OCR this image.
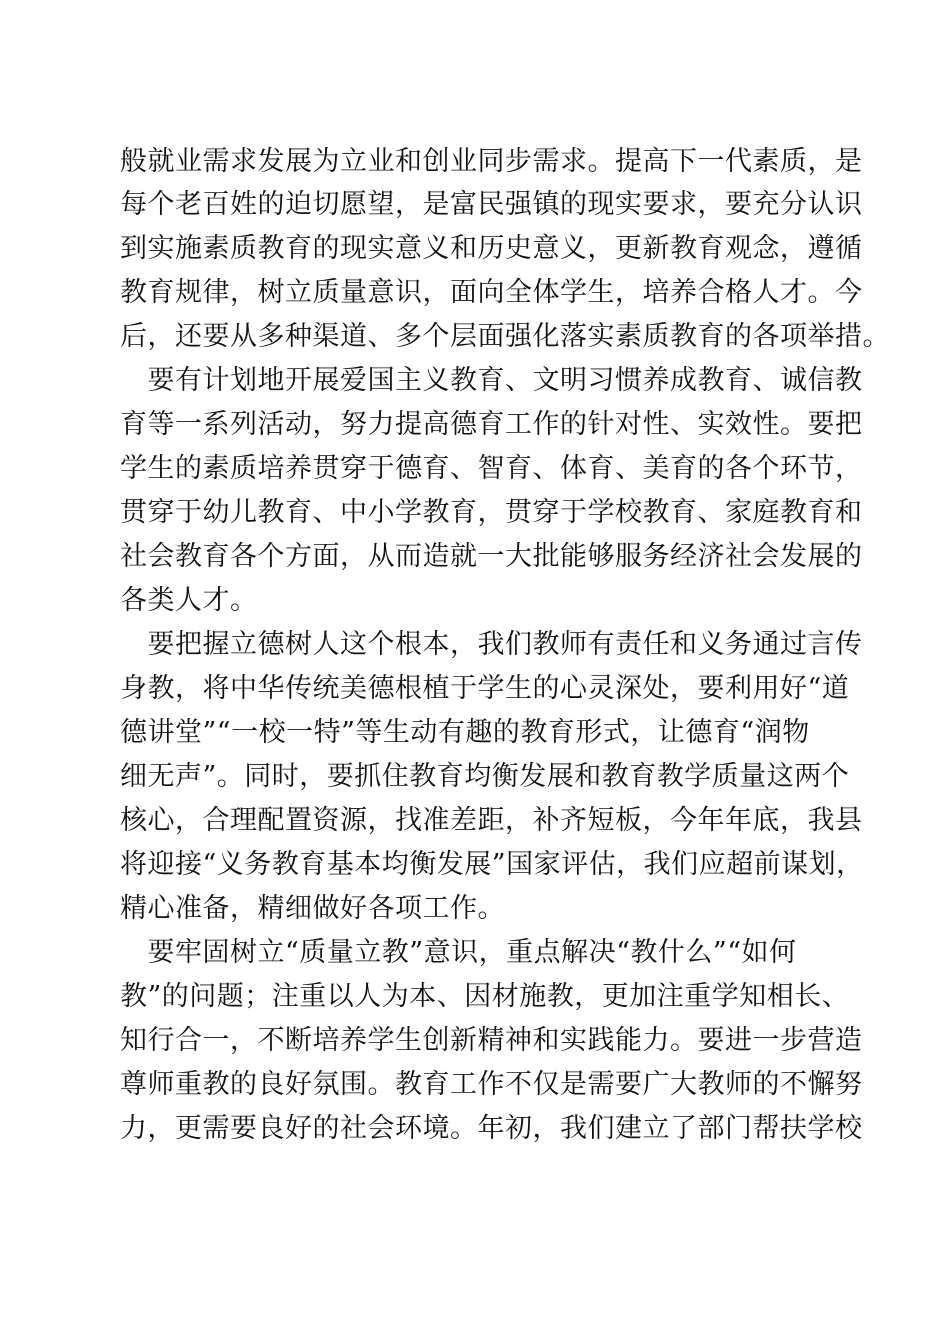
般就业需求发展为立业和创业同步需求。提高下一代素质，是
每个老百姓的迫切愿望，是富民强镇的现实要求，要充分认识
到实施素质教育的现实意义和历史意义，更新教育观念，遵循
教育规律，树立质量意识，面向全体学生，培养合格人才。今
后，还要从多种渠道、多个层面强化落实素质教育的各项举措。
　要有计划地开展爱国主义教育、文明习惯养成教育、诚信教
育等一系列活动，努力提高德育工作的针对性、实效性。要把
学生的素质培养贯穿于德育、智育、体育、美育的各个环节，
贯穿于幼儿教育、中小学教育，贯穿于学校教育、家庭教育和
社会教育各个方面，从而造就一大批能够服务经济社会发展的
各类人才。
　要把握立德树人这个根本，我们教师有责任和义务通过言传
身教，将中华传统美德根植于学生的心灵深处，要利用好“道
德讲堂”“一校一特”等生动有趣的教育形式，让德育“润物
细无声”。同时，要抓住教育均衡发展和教育教学质量这两个
核心，合理配置资源，找准差距，补齐短板，今年年底，我县
将迎接“义务教育基本均衡发展”国家评估，我们应超前谋划，
精心准备，精细做好各项工作。
　要牢固树立“质量立教”意识，重点解决“教什么”“如何
教”的问题；注重以人为本、因材施教，更加注重学知相长、
知行合一，不断培养学生创新精神和实践能力。要进一步营造
尊师重教的良好氛围。教育工作不仅是需要广大教师的不懈努
力，更需要良好的社会环境。年初，我们建立了部门帮扶学校
